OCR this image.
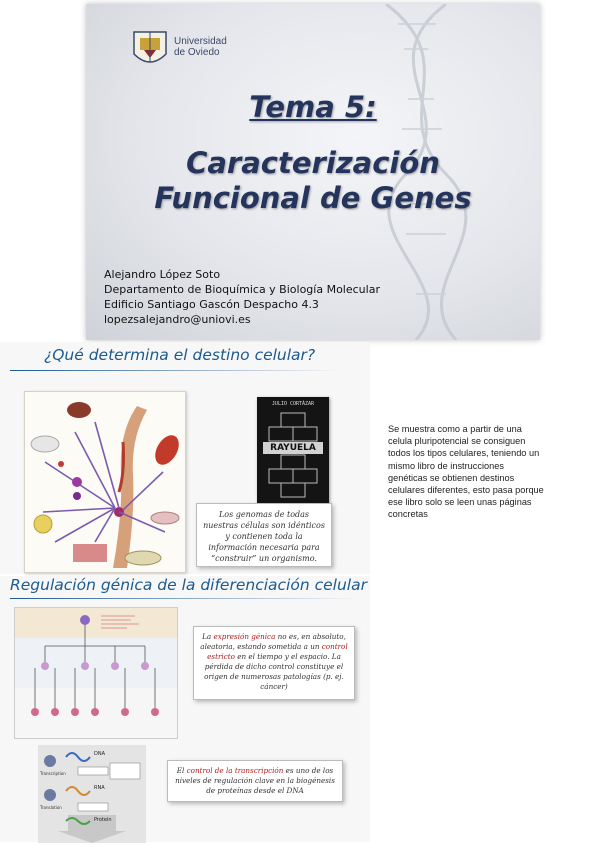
Universidad
de Oviedo
Tema 5:
Caracterización
Funcional de Genes
Alejandro López Soto
Departamento de Bioquímica y Biología Molecular
Edificio Santiago Gascón Despacho 4.3
lopezsalejandro@uniovi.es
¿Qué determina el destino celular?
JULIO CORTÁZAR
RAYUELA
Los genomas de todas nuestras células son idénticos y contienen toda la información necesaria para “construir” un organismo.
Se muestra como a partir de una celula pluripotencial se consiguen todos los tipos celulares, teniendo un mismo libro de instrucciones genéticas se obtienen destinos celulares diferentes, esto pasa porque ese libro solo se leen unas páginas concretas
Regulación génica de la diferenciación celular
La expresión génica no es, en absoluto, aleatoria, estando sometida a un control estricto en el tiempo y el espacio. La pérdida de dicho control constituye el origen de numerosas patologías (p. ej. cáncer)
DNA
RNA
Protein
Transcription
Translation
El control de la transcripción es uno de los niveles de regulación clave en la biogénesis de proteínas desde el DNA
